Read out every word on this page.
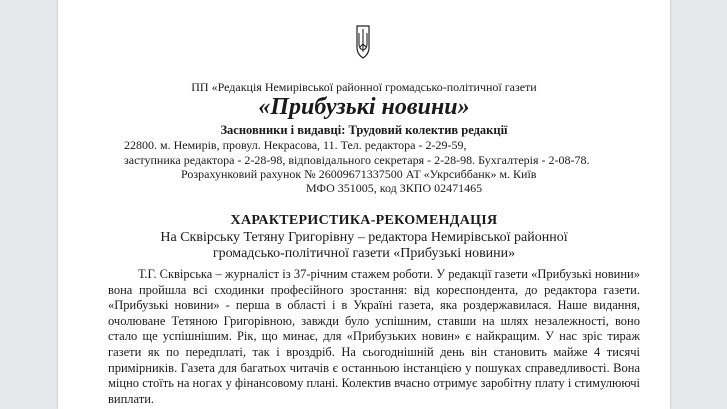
ПП «Редакція Немирівської районної громадсько-політичної газети
«Прибузькі новини»
Засновники і видавці: Трудовий колектив редакції
22800. м. Немирів, провул. Некрасова, 11. Тел. редактора - 2-29-59,
заступника редактора - 2-28-98, відповідального секретаря - 2-28-98. Бухгалтерія - 2-08-78.
Розрахунковий рахунок № 26009671337500 АТ «Укрсиббанк» м. Київ
МФО 351005, код ЗКПО 02471465
ХАРАКТЕРИСТИКА-РЕКОМЕНДАЦІЯ
На Сквірську Тетяну Григорівну – редактора Немирівської районної
громадсько-політичної газети «Прибузькі новини»

Т.Г. Сквірська – журналіст із 37-річним стажем роботи. У редакції газети «Прибузькі новини» вона пройшла всі сходинки професійного зростання: від кореспондента, до редактора газети. «Прибузькі новини» - перша в області і в Україні газета, яка роздержавилася. Наше видання, очолюване Тетяною Григорівною, завжди було успішним, ставши на шлях незалежності, воно стало ще успішнішим. Рік, що минає, для «Прибузьких новин» є найкращим. У нас зріс тираж газети як по передплаті, так і вроздріб. На сьогоднішній день він становить майже 4 тисячі примірників. Газета для багатьох читачів є останньою інстанцією у пошуках справедливості. Вона міцно стоїть на ногах у фінансовому плані. Колектив вчасно отримує заробітну плату і стимулюючі виплати.
